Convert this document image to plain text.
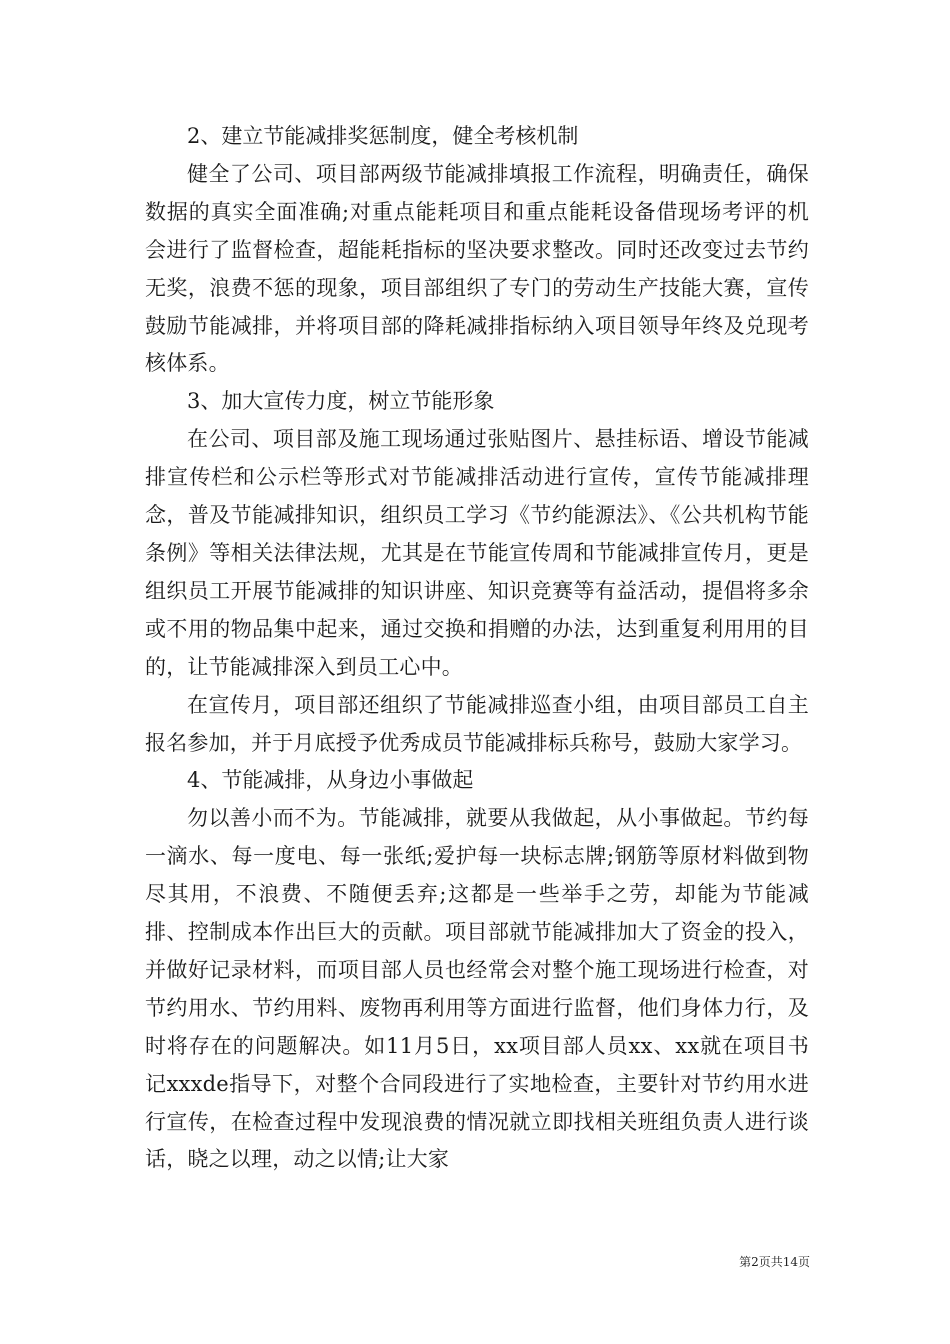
2、建立节能减排奖惩制度，健全考核机制

健全了公司、项目部两级节能减排填报工作流程，明确责任，确保数据的真实全面准确;对重点能耗项目和重点能耗设备借现场考评的机会进行了监督检查，超能耗指标的坚决要求整改。同时还改变过去节约无奖，浪费不惩的现象，项目部组织了专门的劳动生产技能大赛，宣传鼓励节能减排，并将项目部的降耗减排指标纳入项目领导年终及兑现考核体系。

3、加大宣传力度，树立节能形象

在公司、项目部及施工现场通过张贴图片、悬挂标语、增设节能减排宣传栏和公示栏等形式对节能减排活动进行宣传，宣传节能减排理念，普及节能减排知识，组织员工学习《节约能源法》、《公共机构节能条例》等相关法律法规，尤其是在节能宣传周和节能减排宣传月，更是组织员工开展节能减排的知识讲座、知识竞赛等有益活动，提倡将多余或不用的物品集中起来，通过交换和捐赠的办法，达到重复利用用的目的，让节能减排深入到员工心中。

在宣传月，项目部还组织了节能减排巡查小组，由项目部员工自主报名参加，并于月底授予优秀成员节能减排标兵称号，鼓励大家学习。

4、节能减排，从身边小事做起

勿以善小而不为。节能减排，就要从我做起，从小事做起。节约每一滴水、每一度电、每一张纸;爱护每一块标志牌;钢筋等原材料做到物尽其用，不浪费、不随便丢弃;这都是一些举手之劳，却能为节能减排、控制成本作出巨大的贡献。项目部就节能减排加大了资金的投入，并做好记录材料，而项目部人员也经常会对整个施工现场进行检查，对节约用水、节约用料、废物再利用等方面进行监督，他们身体力行，及时将存在的问题解决。如11月5日，xx项目部人员xx、xx就在项目书记xxxde指导下，对整个合同段进行了实地检查，主要针对节约用水进行宣传，在检查过程中发现浪费的情况就立即找相关班组负责人进行谈话，晓之以理，动之以情;让大家

第2页共14页
